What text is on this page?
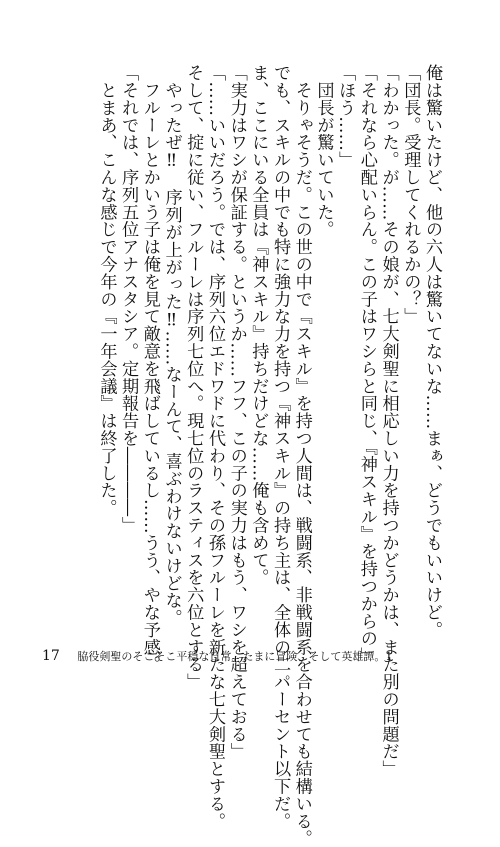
俺は驚いたけど、他の六人は驚いてないな……まぁ、どうでもいいけど。
「団長。受理してくれるかの？」
「わかった。が……その娘が、七大剣聖に相応しい力を持つかどうかは、また別の問題だ」
「それなら心配いらん。この子はワシらと同じ、『神スキル』を持つからの」
「ほう……」
　団長が驚いていた。
　そりゃそうだ。この世の中で『スキル』を持つ人間は、戦闘系、非戦闘系を合わせても結構いる。
でも、スキルの中でも特に強力な力を持つ『神スキル』の持ち主は、全体の二パーセント以下だ。
ま、ここにいる全員は『神スキル』持ちだけどな……俺も含めて。
「実力はワシが保証する。というか……フフ、この子の実力はもう、ワシを超えておる」
「……いいだろう。では、序列六位エドワドに代わり、その孫フルーレを新たな七大剣聖とする。
そして、掟に従い、フルーレは序列七位へ。現七位のラスティスを六位とする」
　やったぜ‼　序列が上がった‼……なーんて、喜ぶわけないけどな。
　フルーレとかいう子は俺を見て敵意を飛ばしているし……うう、やな予感。
「それでは、序列五位アナスタシア。定期報告を――――」
　とまあ、こんな感じで今年の『一年会議』は終了した。
17 脇役剣聖のそこそこ平穏な日常。たまに冒険、そして英雄譚。1
